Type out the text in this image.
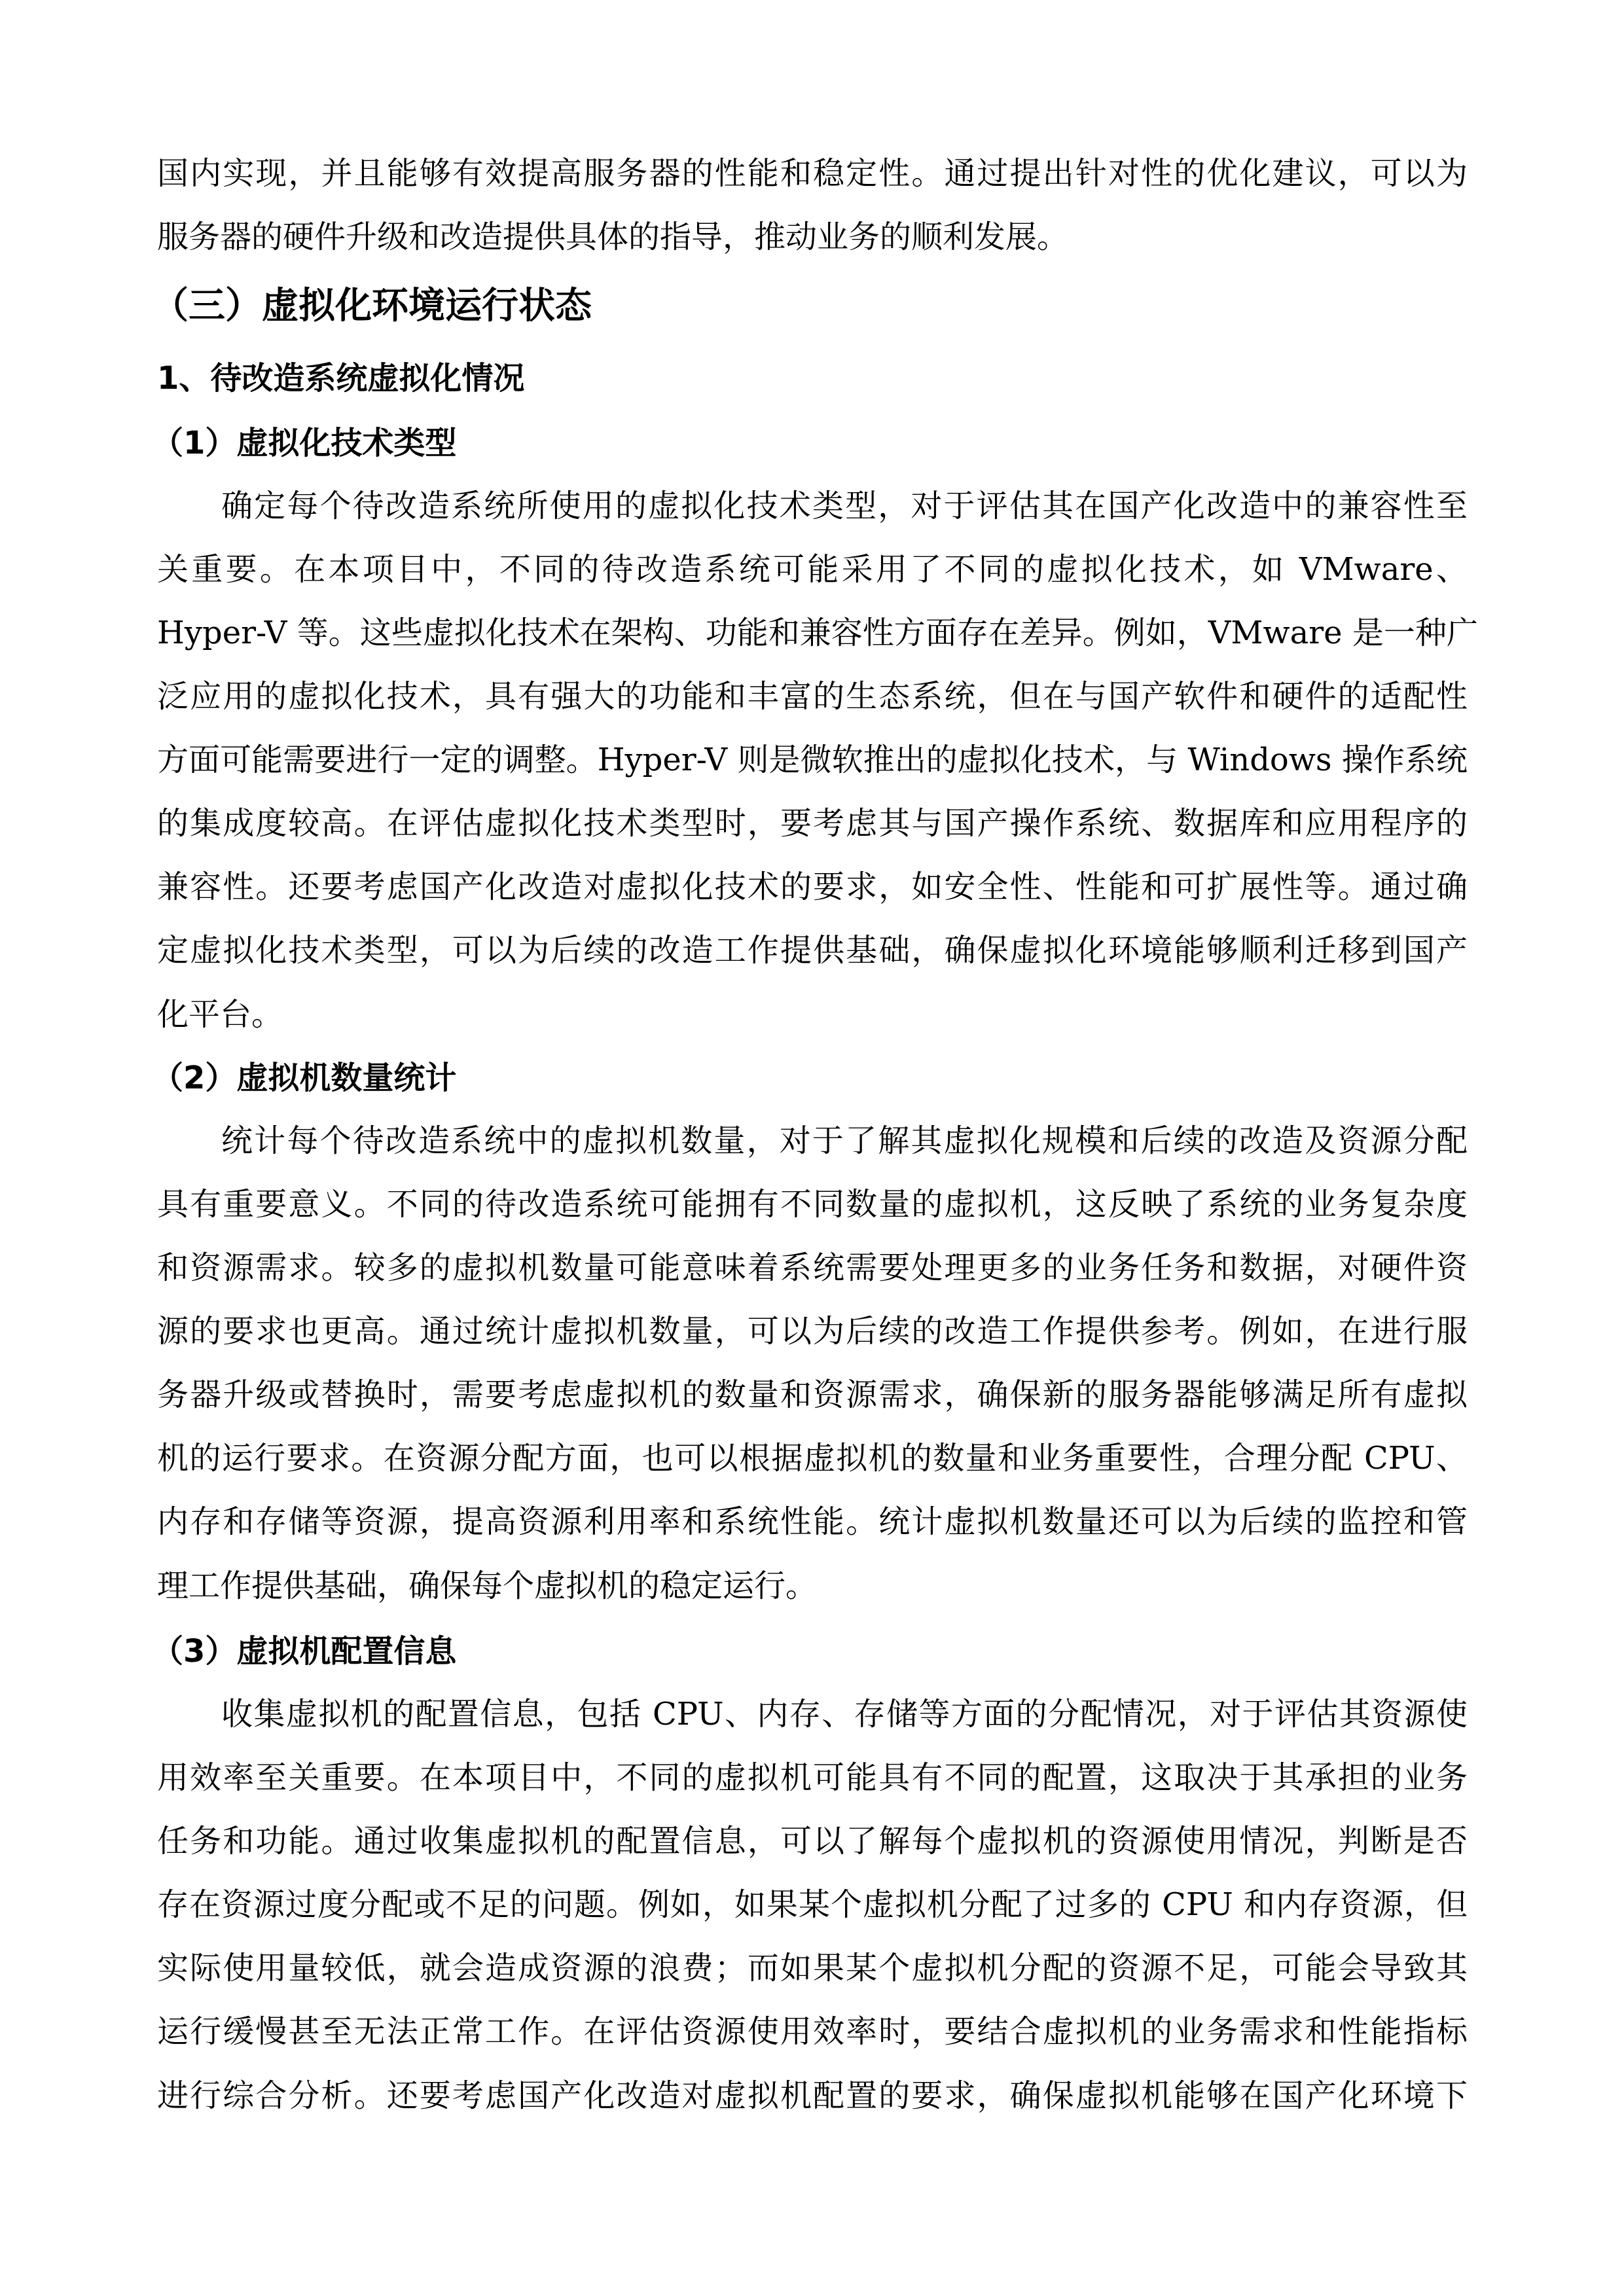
国内实现，并且能够有效提高服务器的性能和稳定性。通过提出针对性的优化建议，可以为
服务器的硬件升级和改造提供具体的指导，推动业务的顺利发展。
（三）虚拟化环境运行状态
1、待改造系统虚拟化情况
（1）虚拟化技术类型
确定每个待改造系统所使用的虚拟化技术类型，对于评估其在国产化改造中的兼容性至
关重要。在本项目中，不同的待改造系统可能采用了不同的虚拟化技术，如 VMware、
Hyper-V 等。这些虚拟化技术在架构、功能和兼容性方面存在差异。例如，VMware 是一种广
泛应用的虚拟化技术，具有强大的功能和丰富的生态系统，但在与国产软件和硬件的适配性
方面可能需要进行一定的调整。Hyper-V 则是微软推出的虚拟化技术，与 Windows 操作系统
的集成度较高。在评估虚拟化技术类型时，要考虑其与国产操作系统、数据库和应用程序的
兼容性。还要考虑国产化改造对虚拟化技术的要求，如安全性、性能和可扩展性等。通过确
定虚拟化技术类型，可以为后续的改造工作提供基础，确保虚拟化环境能够顺利迁移到国产
化平台。
（2）虚拟机数量统计
统计每个待改造系统中的虚拟机数量，对于了解其虚拟化规模和后续的改造及资源分配
具有重要意义。不同的待改造系统可能拥有不同数量的虚拟机，这反映了系统的业务复杂度
和资源需求。较多的虚拟机数量可能意味着系统需要处理更多的业务任务和数据，对硬件资
源的要求也更高。通过统计虚拟机数量，可以为后续的改造工作提供参考。例如，在进行服
务器升级或替换时，需要考虑虚拟机的数量和资源需求，确保新的服务器能够满足所有虚拟
机的运行要求。在资源分配方面，也可以根据虚拟机的数量和业务重要性，合理分配 CPU、
内存和存储等资源，提高资源利用率和系统性能。统计虚拟机数量还可以为后续的监控和管
理工作提供基础，确保每个虚拟机的稳定运行。
（3）虚拟机配置信息
收集虚拟机的配置信息，包括 CPU、内存、存储等方面的分配情况，对于评估其资源使
用效率至关重要。在本项目中，不同的虚拟机可能具有不同的配置，这取决于其承担的业务
任务和功能。通过收集虚拟机的配置信息，可以了解每个虚拟机的资源使用情况，判断是否
存在资源过度分配或不足的问题。例如，如果某个虚拟机分配了过多的 CPU 和内存资源，但
实际使用量较低，就会造成资源的浪费；而如果某个虚拟机分配的资源不足，可能会导致其
运行缓慢甚至无法正常工作。在评估资源使用效率时，要结合虚拟机的业务需求和性能指标
进行综合分析。还要考虑国产化改造对虚拟机配置的要求，确保虚拟机能够在国产化环境下
